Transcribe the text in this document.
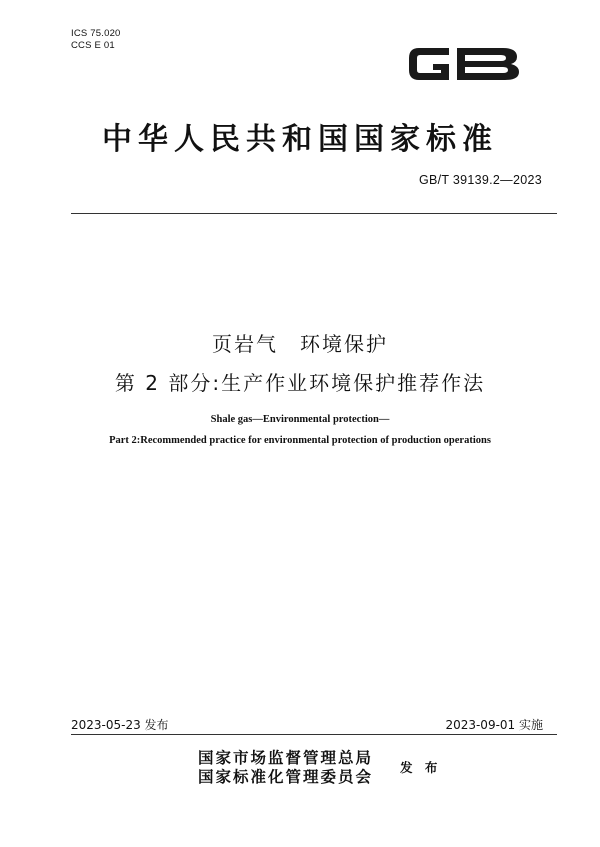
ICS 75.020
CCS E 01
GB
中华人民共和国国家标准
GB/T 39139.2—2023
页岩气　环境保护
第 2 部分:生产作业环境保护推荐作法
Shale gas—Environmental protection—
Part 2:Recommended practice for environmental protection of production operations
2023-05-23 发布	2023-09-01 实施
国家市场监督管理总局
国家标准化管理委员会 发 布
